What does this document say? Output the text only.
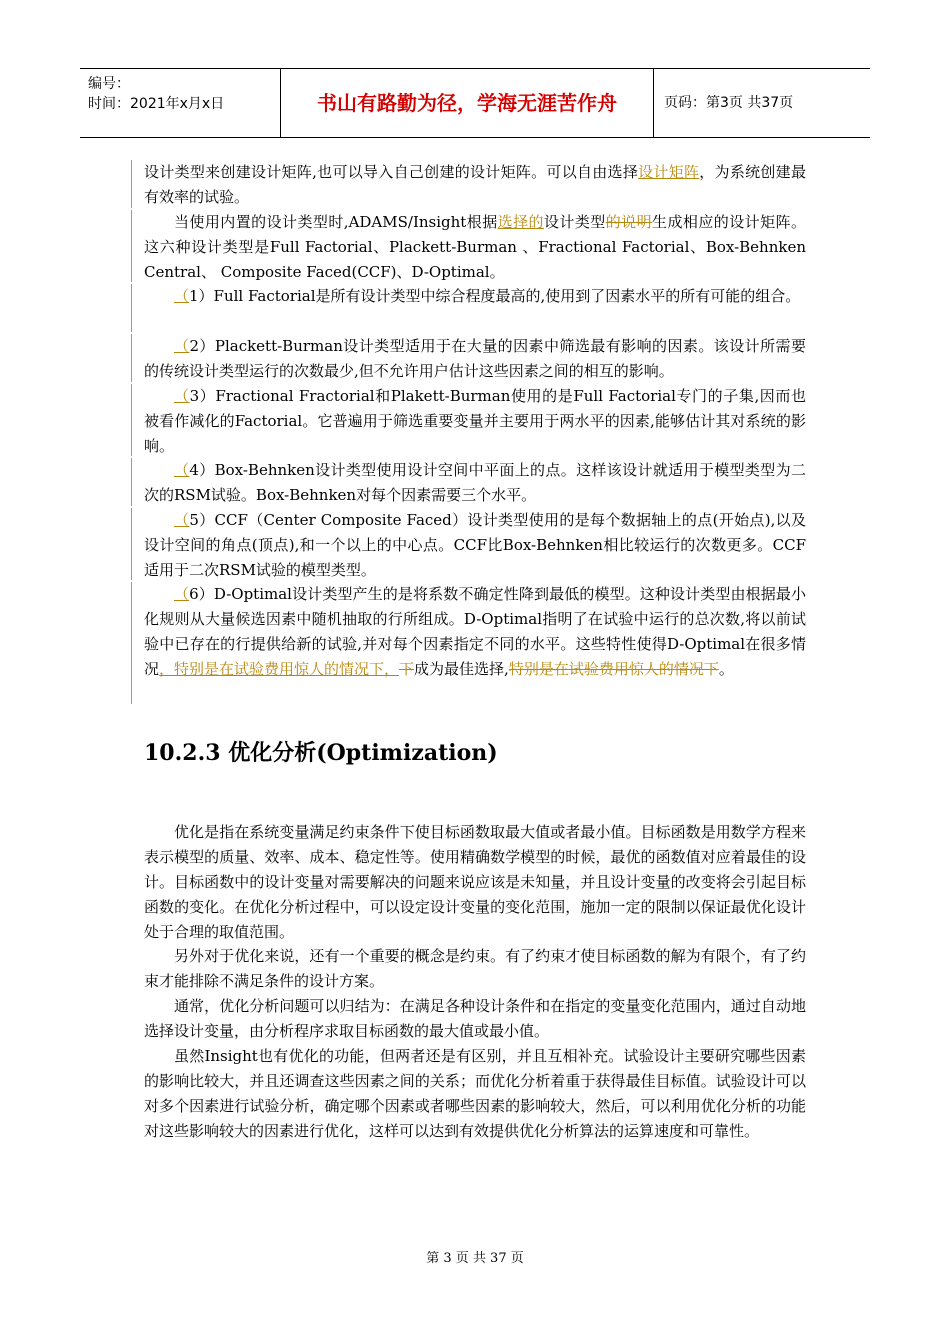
编号：
时间：2021年x月x日	书山有路勤为径，学海无涯苦作舟	页码：第3页 共37页

设计类型来创建设计矩阵,也可以导入自己创建的设计矩阵。可以自由选择设计矩阵，为系统创建最有效率的试验。

当使用内置的设计类型时,ADAMS/Insight根据选择的设计类型的说明生成相应的设计矩阵。这六种设计类型是Full Factorial、Plackett-Burman 、Fractional Factorial、Box-Behnken Central、 Composite Faced(CCF)、D-Optimal。

（1）Full Factorial是所有设计类型中综合程度最高的,使用到了因素水平的所有可能的组合。

（2）Plackett-Burman设计类型适用于在大量的因素中筛选最有影响的因素。该设计所需要的传统设计类型运行的次数最少,但不允许用户估计这些因素之间的相互的影响。

（3）Fractional Fractorial和Plakett-Burman使用的是Full Factorial专门的子集,因而也被看作减化的Factorial。它普遍用于筛选重要变量并主要用于两水平的因素,能够估计其对系统的影响。

（4）Box-Behnken设计类型使用设计空间中平面上的点。这样该设计就适用于模型类型为二次的RSM试验。Box-Behnken对每个因素需要三个水平。

（5）CCF（Center Composite Faced）设计类型使用的是每个数据轴上的点(开始点),以及设计空间的角点(顶点),和一个以上的中心点。CCF比Box-Behnken相比较运行的次数更多。CCF适用于二次RSM试验的模型类型。

（6）D-Optimal设计类型产生的是将系数不确定性降到最低的模型。这种设计类型由根据最小化规则从大量候选因素中随机抽取的行所组成。D-Optimal指明了在试验中运行的总次数,将以前试验中已存在的行提供给新的试验,并对每个因素指定不同的水平。这些特性使得D-Optimal在很多情况，特别是在试验费用惊人的情况下，下成为最佳选择,特别是在试验费用惊人的情况下。

10.2.3 优化分析(Optimization)

优化是指在系统变量满足约束条件下使目标函数取最大值或者最小值。目标函数是用数学方程来表示模型的质量、效率、成本、稳定性等。使用精确数学模型的时候，最优的函数值对应着最佳的设计。目标函数中的设计变量对需要解决的问题来说应该是未知量，并且设计变量的改变将会引起目标函数的变化。在优化分析过程中，可以设定设计变量的变化范围，施加一定的限制以保证最优化设计处于合理的取值范围。

另外对于优化来说，还有一个重要的概念是约束。有了约束才使目标函数的解为有限个，有了约束才能排除不满足条件的设计方案。

通常，优化分析问题可以归结为：在满足各种设计条件和在指定的变量变化范围内，通过自动地选择设计变量，由分析程序求取目标函数的最大值或最小值。

虽然Insight也有优化的功能，但两者还是有区别，并且互相补充。试验设计主要研究哪些因素的影响比较大，并且还调查这些因素之间的关系；而优化分析着重于获得最佳目标值。试验设计可以对多个因素进行试验分析，确定哪个因素或者哪些因素的影响较大，然后，可以利用优化分析的功能对这些影响较大的因素进行优化，这样可以达到有效提供优化分析算法的运算速度和可靠性。

第 3 页 共 37 页
